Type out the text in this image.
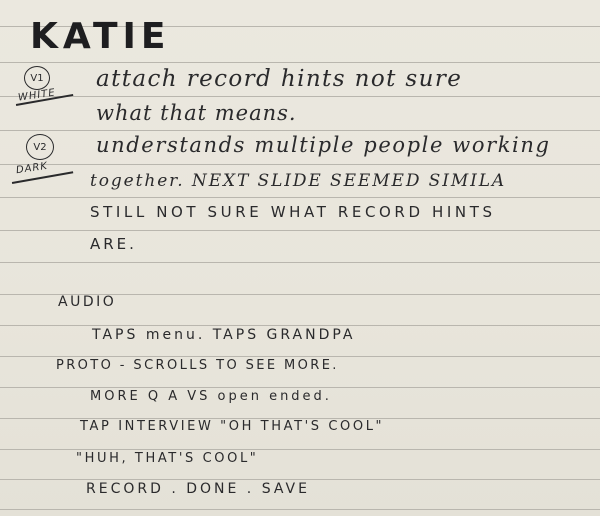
KATIE
V1
WHITE
V2
DARK
attach record hints not sure
what that means.
understands multiple people working
together. NEXT SLIDE SEEMED SIMILA
STILL NOT SURE WHAT RECORD HINTS
ARE.
AUDIO
TAPS menu. TAPS GRANDPA
PROTO - SCROLLS TO SEE MORE.
MORE Q A VS open ended.
TAP INTERVIEW "OH THAT'S COOL"
"HUH, THAT'S COOL"
RECORD . DONE . SAVE
